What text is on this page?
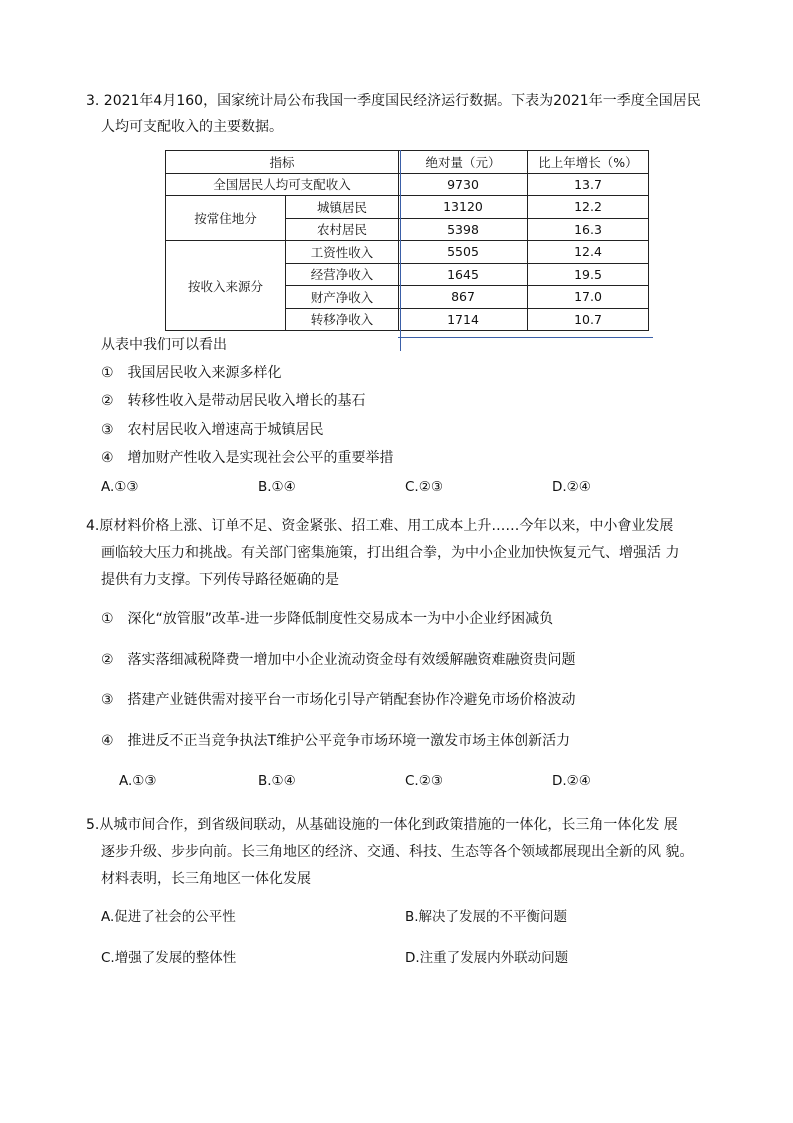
3. 2021年4月160，国家统计局公布我国一季度国民经济运行数据。下表为2021年一季度全国居民
人均可支配收入的主要数据。
指标		绝对量（元）	比上年增长（%）
全国居民人均可支配收入		9730	13.7
按常住地分	城镇居民	13120	12.2
	农村居民	5398	16.3
按收入来源分	工资性收入	5505	12.4
	经营净收入	1645	19.5
	财产净收入	867	17.0
	转移净收入	1714	10.7
从表中我们可以看出
①　我国居民收入来源多样化
②　转移性收入是带动居民收入增长的基石
③　农村居民收入增速高于城镇居民
④　增加财产性收入是实现社会公平的重要举措
A.①③	B.①④	C.②③	D.②④
4.原材料价格上涨、订单不足、资金紧张、招工难、用工成本上升……今年以来，中小會业发展
画临较大压力和挑战。有关部门密集施策，打出组合拳，为中小企业加快恢复元气、增强活 力
提供有力支撑。下列传导路径姬确的是
①　深化“放管服”改革-进一步降低制度性交易成本一为中小企业纾困减负
②　落实落细减税降费一增加中小企业流动资金母有效缓解融资难融资贵问题
③　搭建产业链供需对接平台一市场化引导产销配套协作冷避免市场价格波动
④　推进反不正当竞争执法T维护公平竞争市场环境一激发市场主体创新活力
A.①③	B.①④	C.②③	D.②④
5.从城市间合作，到省级间联动，从基础设施的一体化到政策措施的一体化，长三角一体化发 展
逐步升级、步步向前。长三角地区的经济、交通、科技、生态等各个领域都展现出全新的风 貌。
材料表明，长三角地区一体化发展
A.促进了社会的公平性	B.解决了发展的不平衡问题
C.增强了发展的整体性	D.注重了发展内外联动问题
